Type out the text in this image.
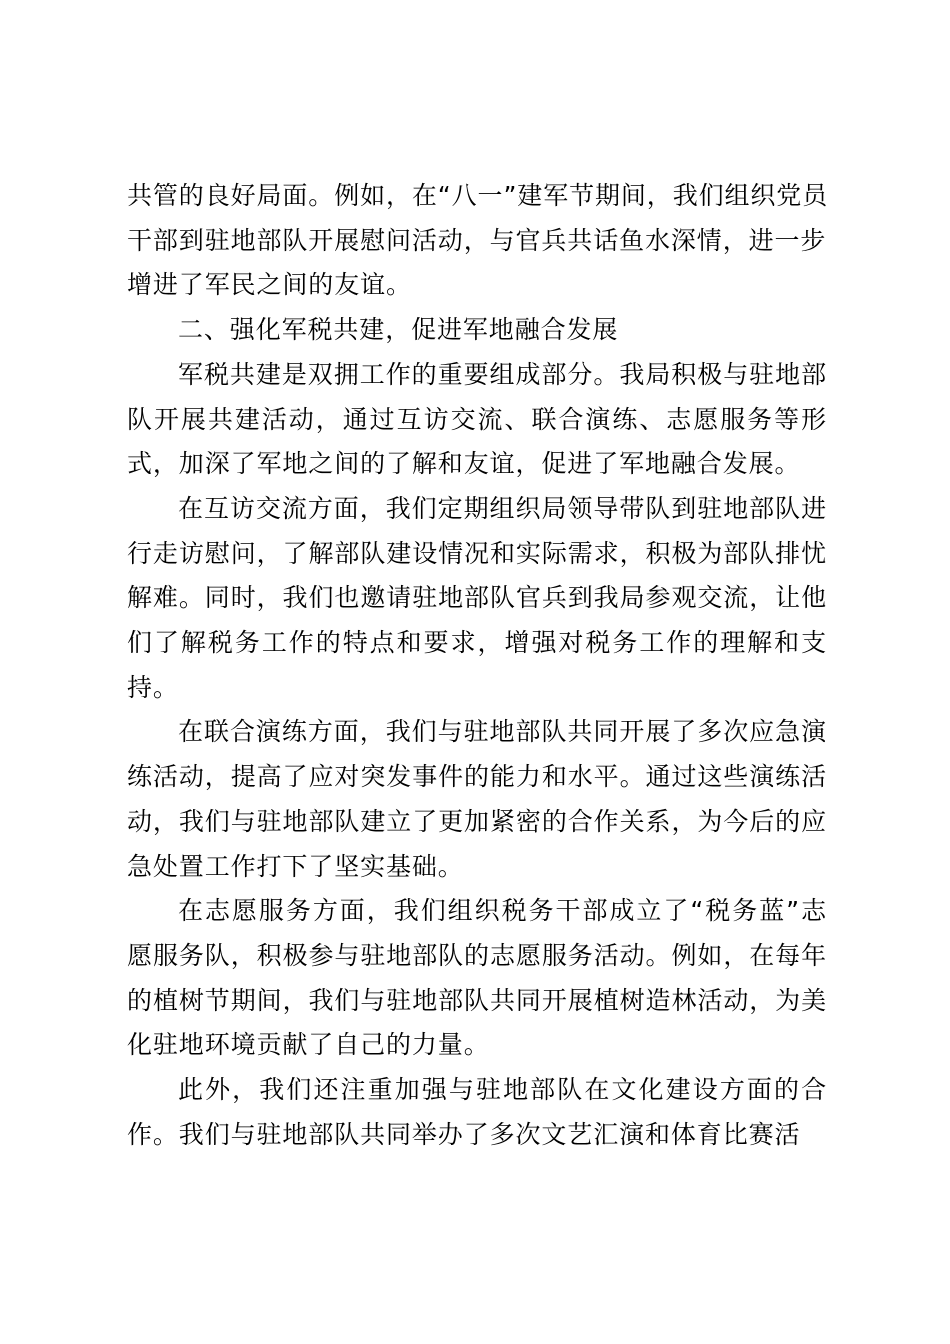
共管的良好局面。例如，在“八一”建军节期间，我们组织党员
干部到驻地部队开展慰问活动，与官兵共话鱼水深情，进一步
增进了军民之间的友谊。

二、强化军税共建，促进军地融合发展

军税共建是双拥工作的重要组成部分。我局积极与驻地部队开展共建活动，通过互访交流、联合演练、志愿服务等形式，加深了军地之间的了解和友谊，促进了军地融合发展。

在互访交流方面，我们定期组织局领导带队到驻地部队进行走访慰问，了解部队建设情况和实际需求，积极为部队排忧解难。同时，我们也邀请驻地部队官兵到我局参观交流，让他们了解税务工作的特点和要求，增强对税务工作的理解和支持。

在联合演练方面，我们与驻地部队共同开展了多次应急演练活动，提高了应对突发事件的能力和水平。通过这些演练活动，我们与驻地部队建立了更加紧密的合作关系，为今后的应急处置工作打下了坚实基础。

在志愿服务方面，我们组织税务干部成立了“税务蓝”志愿服务队，积极参与驻地部队的志愿服务活动。例如，在每年的植树节期间，我们与驻地部队共同开展植树造林活动，为美化驻地环境贡献了自己的力量。

此外，我们还注重加强与驻地部队在文化建设方面的合作。我们与驻地部队共同举办了多次文艺汇演和体育比赛活
